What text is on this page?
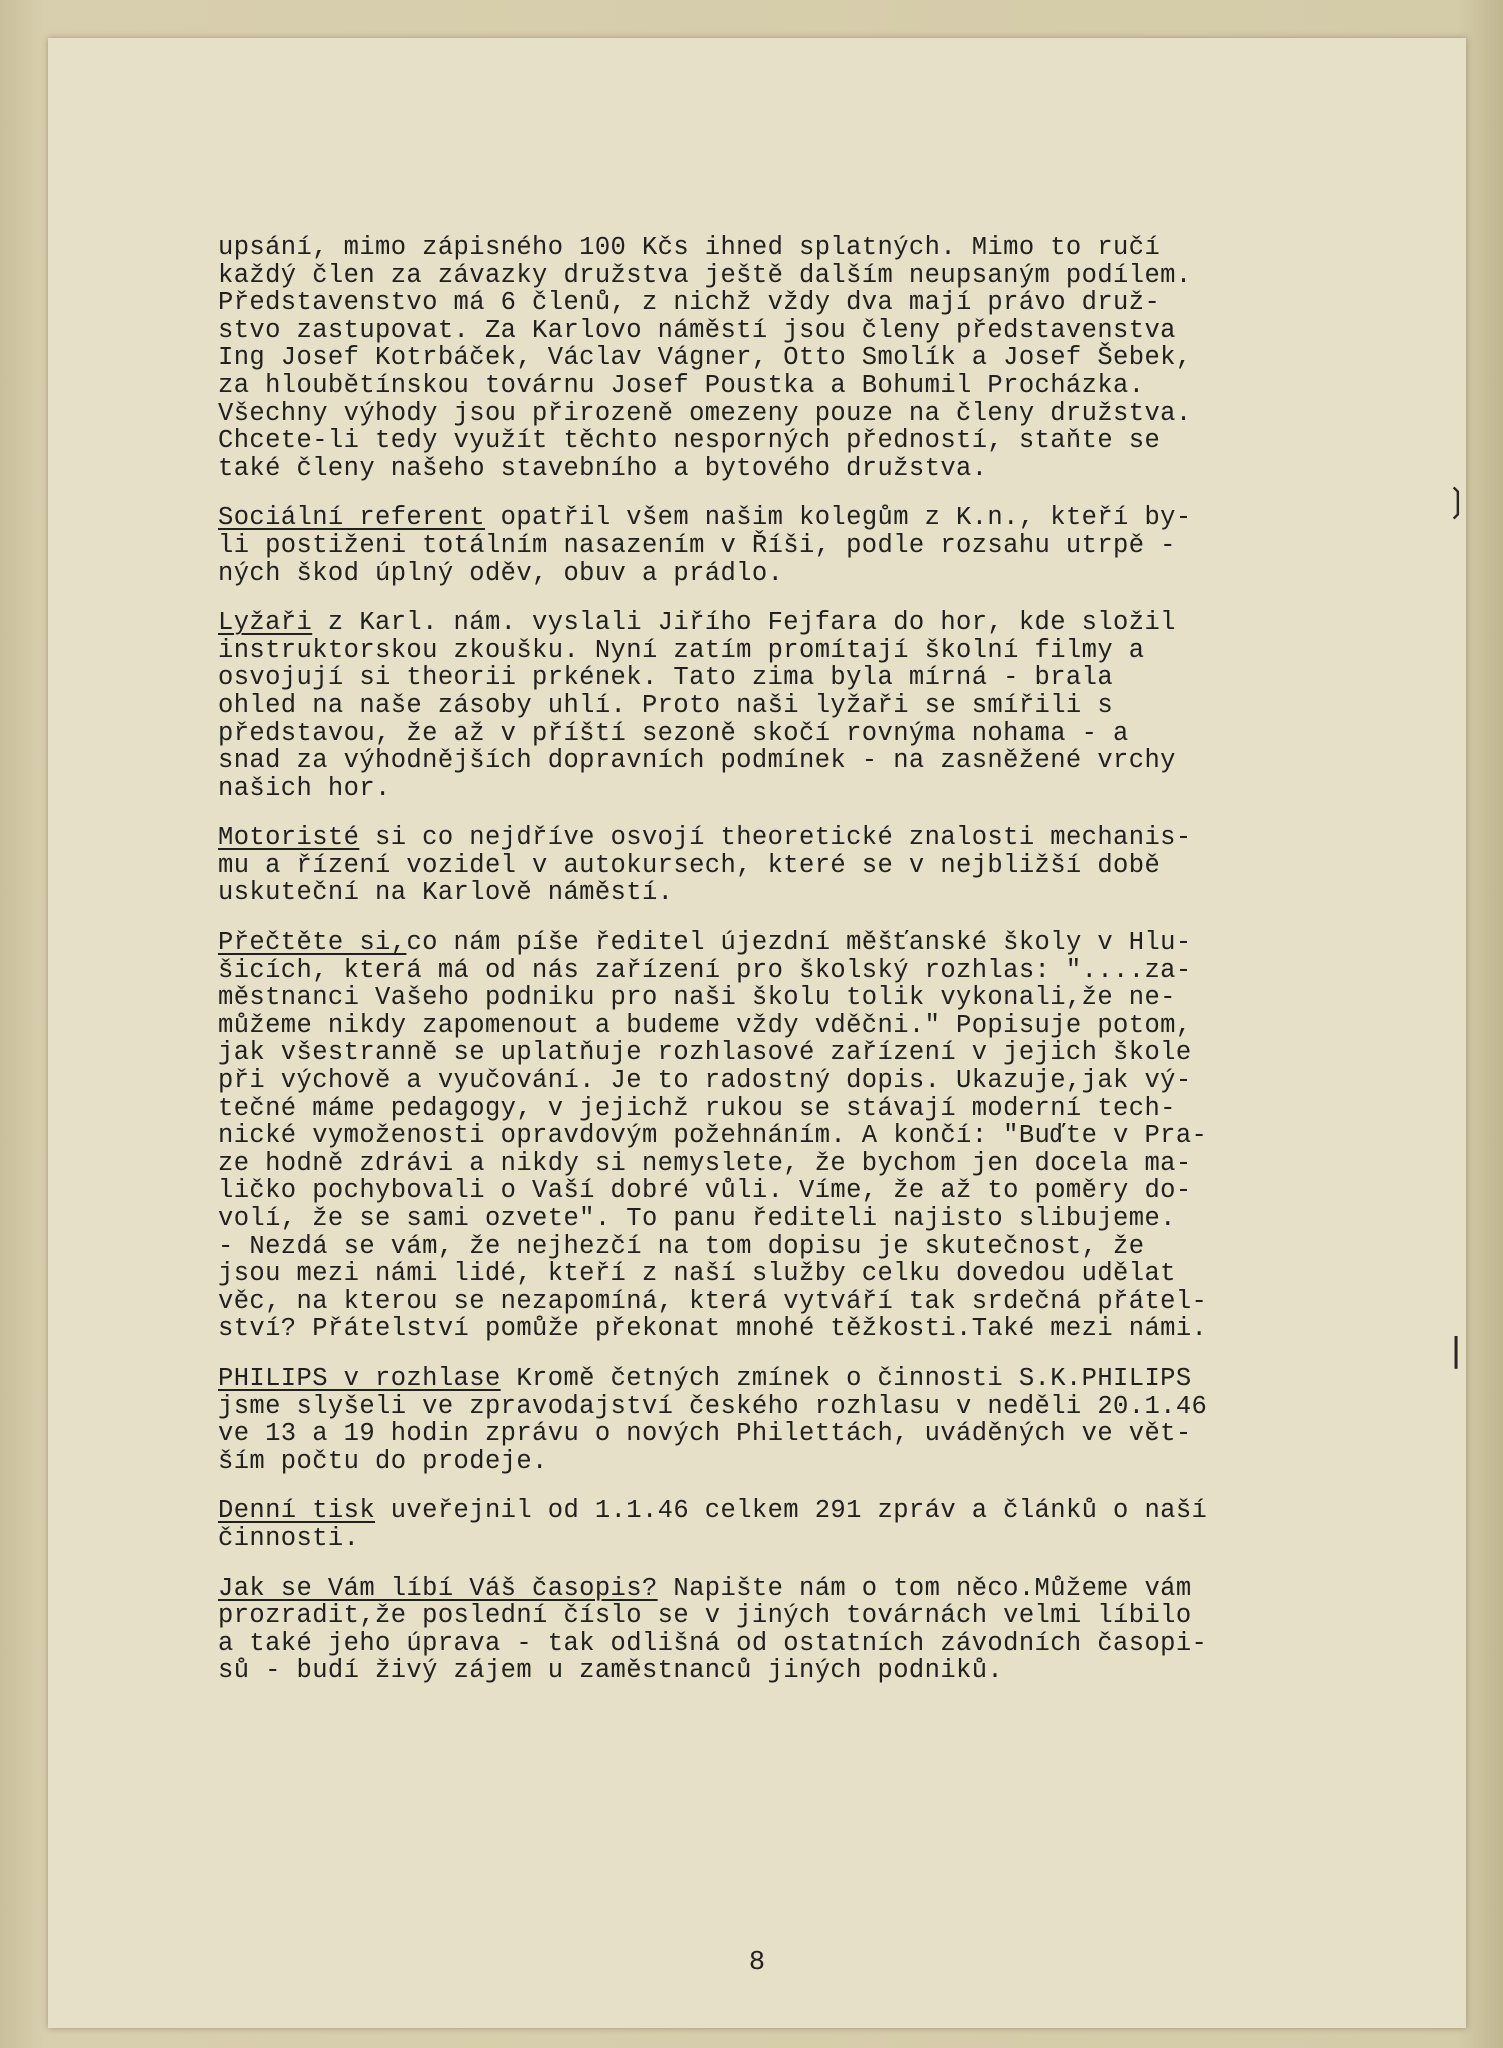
❳
❘
upsání, mimo zápisného 100 Kčs ihned splatných. Mimo to ručí
každý člen za závazky družstva ještě dalším neupsaným podílem.
Představenstvo má 6 členů, z nichž vždy dva mají právo druž-
stvo zastupovat. Za Karlovo náměstí jsou členy představenstva
Ing Josef Kotrbáček, Václav Vágner, Otto Smolík a Josef Šebek,
za hloubětínskou továrnu Josef Poustka a Bohumil Procházka.
Všechny výhody jsou přirozeně omezeny pouze na členy družstva.
Chcete-li tedy využít těchto nesporných předností, staňte se
také členy našeho stavebního a bytového družstva.
Sociální referent opatřil všem našim kolegům z K.n., kteří by-
li postiženi totálním nasazením v Říši, podle rozsahu utrpě -
ných škod úplný oděv, obuv a prádlo.
Lyžaři z Karl. nám. vyslali Jiřího Fejfara do hor, kde složil
instruktorskou zkoušku. Nyní zatím promítají školní filmy a
osvojují si theorii prkének. Tato zima byla mírná - brala
ohled na naše zásoby uhlí. Proto naši lyžaři se smířili s
představou, že až v příští sezoně skočí rovnýma nohama - a
snad za výhodnějších dopravních podmínek - na zasněžené vrchy
našich hor.
Motoristé si co nejdříve osvojí theoretické znalosti mechanis-
mu a řízení vozidel v autokursech, které se v nejbližší době
uskuteční na Karlově náměstí.
Přečtěte si,co nám píše ředitel újezdní měšťanské školy v Hlu-
šicích, která má od nás zařízení pro školský rozhlas: "....za-
městnanci Vašeho podniku pro naši školu tolik vykonali,že ne-
můžeme nikdy zapomenout a budeme vždy vděčni." Popisuje potom,
jak všestranně se uplatňuje rozhlasové zařízení v jejich škole
při výchově a vyučování. Je to radostný dopis. Ukazuje,jak vý-
tečné máme pedagogy, v jejichž rukou se stávají moderní tech-
nické vymoženosti opravdovým požehnáním. A končí: "Buďte v Pra-
ze hodně zdrávi a nikdy si nemyslete, že bychom jen docela ma-
ličko pochybovali o Vaší dobré vůli. Víme, že až to poměry do-
volí, že se sami ozvete". To panu řediteli najisto slibujeme.
- Nezdá se vám, že nejhezčí na tom dopisu je skutečnost, že
jsou mezi námi lidé, kteří z naší služby celku dovedou udělat
věc, na kterou se nezapomíná, která vytváří tak srdečná přátel-
ství? Přátelství pomůže překonat mnohé těžkosti.Také mezi námi.
PHILIPS v rozhlase Kromě četných zmínek o činnosti S.K.PHILIPS
jsme slyšeli ve zpravodajství českého rozhlasu v neděli 20.1.46
ve 13 a 19 hodin zprávu o nových Philettách, uváděných ve vět-
ším počtu do prodeje.
Denní tisk uveřejnil od 1.1.46 celkem 291 zpráv a článků o naší
činnosti.
Jak se Vám líbí Váš časopis? Napište nám o tom něco.Můžeme vám
prozradit,že poslední číslo se v jiných továrnách velmi líbilo
a také jeho úprava - tak odlišná od ostatních závodních časopi-
sů - budí živý zájem u zaměstnanců jiných podniků.
8
